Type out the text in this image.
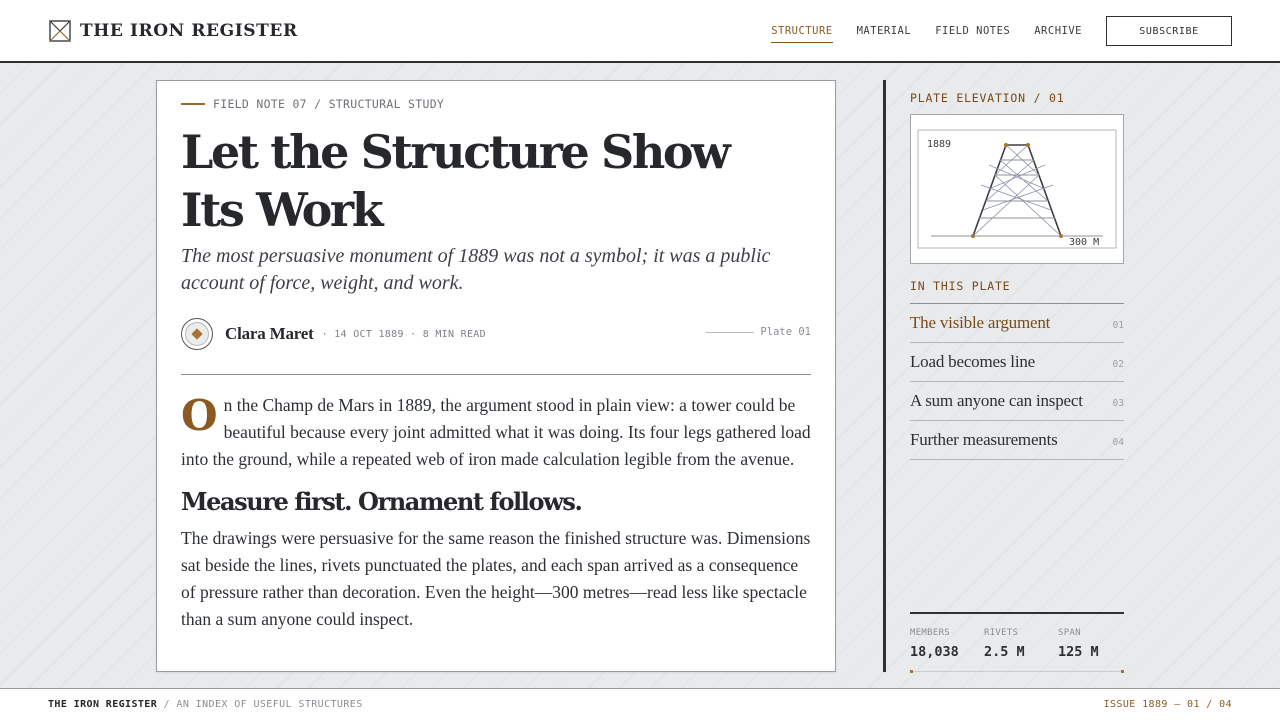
THE IRON REGISTER	STRUCTURE MATERIAL FIELD NOTES ARCHIVE	SUBSCRIBE
FIELD NOTE 07 / STRUCTURAL STUDY
Let the Structure Show Its Work

The most persuasive monument of 1889 was not a symbol; it was a public account of force, weight, and work.

Clara Maret · 14 OCT 1889 · 8 MIN READ	Plate 01

On the Champ de Mars in 1889, the argument stood in plain view: a tower could be beautiful because every joint admitted what it was doing. Its four legs gathered load into the ground, while a repeated web of iron made calculation legible from the avenue.

Measure first. Ornament follows.

The drawings were persuasive for the same reason the finished structure was. Dimensions sat beside the lines, rivets punctuated the plates, and each span arrived as a consequence of pressure rather than decoration. Even the height—300 metres—read less like spectacle than a sum anyone could inspect.

PLATE ELEVATION / 01
1889
300 M
IN THIS PLATE
The visible argument	01
Load becomes line	02
A sum anyone can inspect	03
Further measurements	04
MEMBERS
18,038
RIVETS
2.5 M
SPAN
125 M
THE IRON REGISTER / AN INDEX OF USEFUL STRUCTURES	ISSUE 1889 — 01 / 04
